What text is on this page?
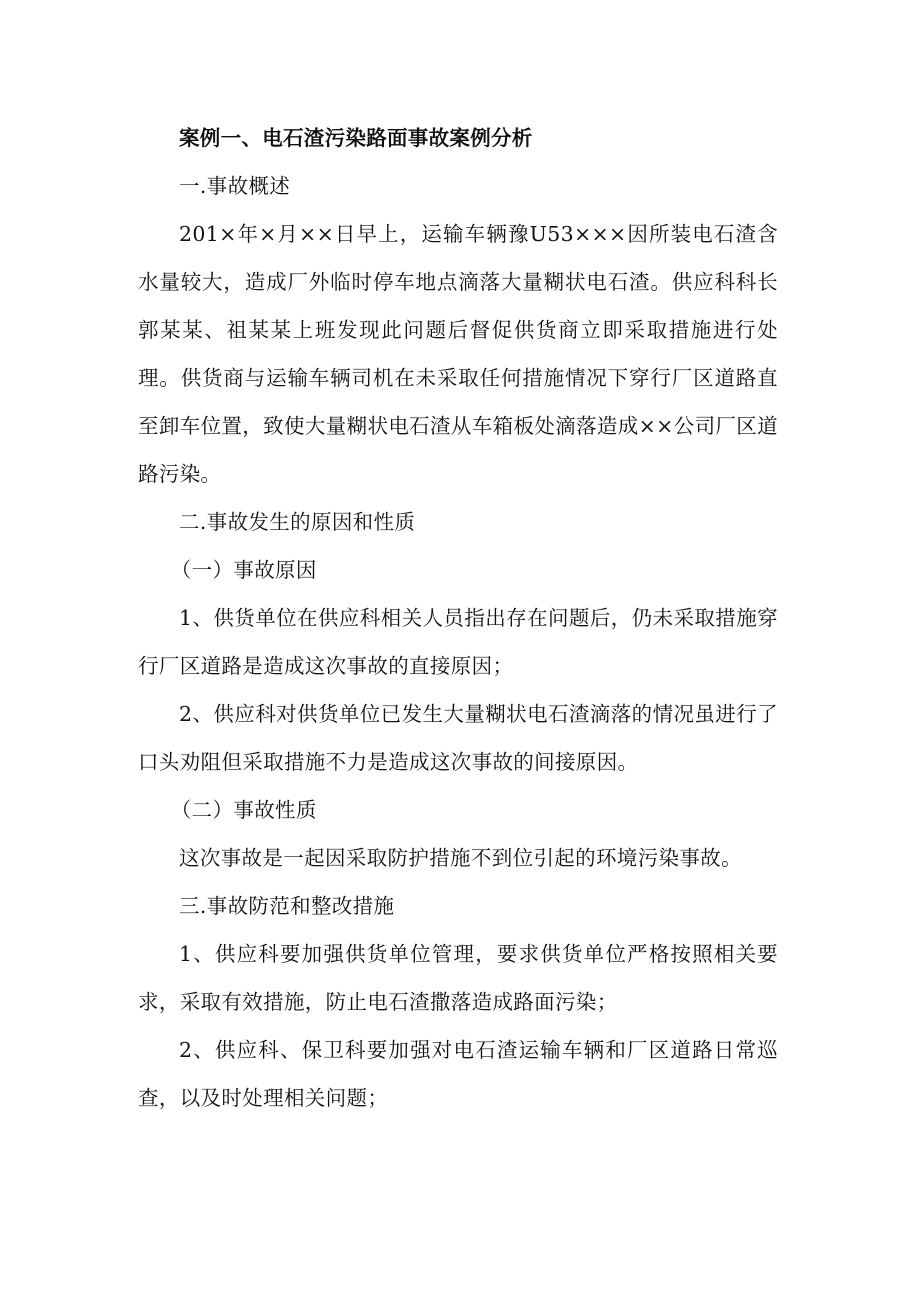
案例一、电石渣污染路面事故案例分析

一.事故概述

201×年×月××日早上，运输车辆豫U53×××因所装电石渣含水量较大，造成厂外临时停车地点滴落大量糊状电石渣。供应科科长郭某某、祖某某上班发现此问题后督促供货商立即采取措施进行处理。供货商与运输车辆司机在未采取任何措施情况下穿行厂区道路直至卸车位置，致使大量糊状电石渣从车箱板处滴落造成××公司厂区道路污染。

二.事故发生的原因和性质

（一）事故原因

1、供货单位在供应科相关人员指出存在问题后，仍未采取措施穿行厂区道路是造成这次事故的直接原因；

2、供应科对供货单位已发生大量糊状电石渣滴落的情况虽进行了口头劝阻但采取措施不力是造成这次事故的间接原因。

（二）事故性质

这次事故是一起因采取防护措施不到位引起的环境污染事故。

三.事故防范和整改措施

1、供应科要加强供货单位管理，要求供货单位严格按照相关要求，采取有效措施，防止电石渣撒落造成路面污染；

2、供应科、保卫科要加强对电石渣运输车辆和厂区道路日常巡查，以及时处理相关问题；
